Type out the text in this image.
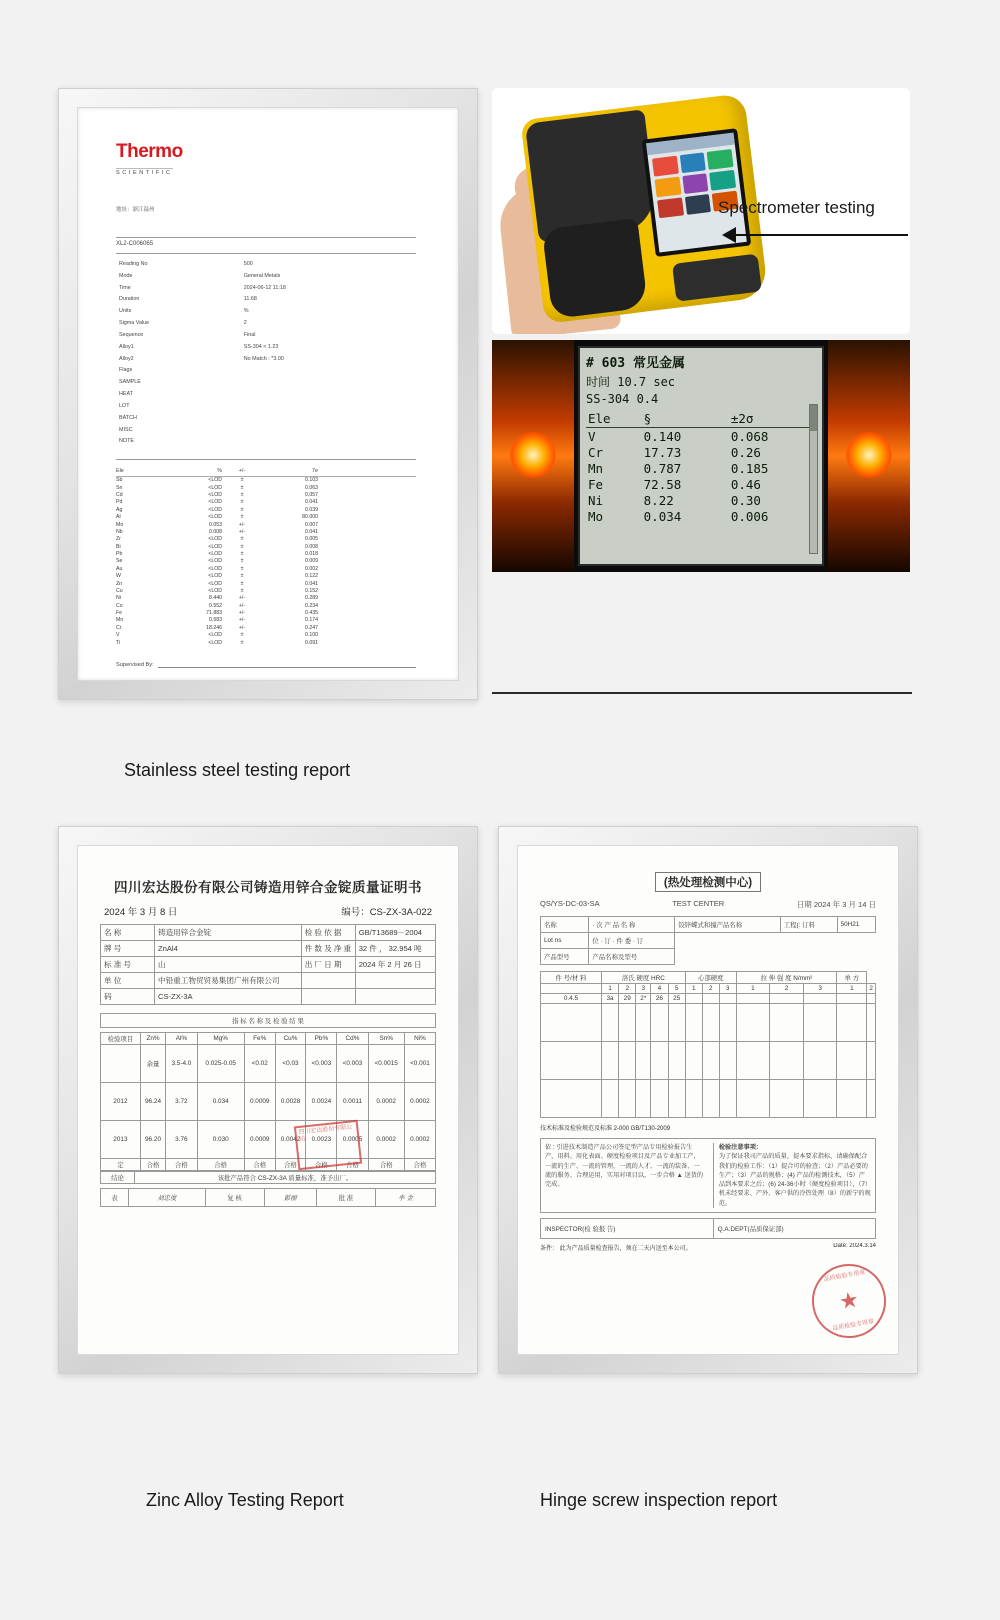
Thermo
SCIENTIFIC
地址：浙江温州
XL2-C006065
Reading No	500
Mode	General Metals
Time	2024-06-12 11:18
Duration	11.68
Units	%
Sigma Value	2
Sequence	Final
Alloy1	SS-304 < 1.23
Alloy2	No Match : *3.00
Flags	
SAMPLE	
HEAT	
LOT	
BATCH	
MISC	
NOTE	
Ele	%	+/-	7e
Sb	<LOD	±	0.103
Sn	<LOD	±	0.063
Cd	<LOD	±	0.057
Pd	<LOD	±	0.041
Ag	<LOD	±	0.039
Al	<LOD	±	80.000
Mo	0.053	+/-	0.007
Nb	0.008	+/-	0.041
Zr	<LOD	±	0.005
Bi	<LOD	±	0.008
Pb	<LOD	±	0.018
Se	<LOD	±	0.009
Au	<LOD	±	0.002
W	<LOD	±	0.122
Zn	<LOD	±	0.041
Cu	<LOD	±	0.152
Ni	8.440	+/-	0.289
Co	0.552	+/-	0.234
Fe	71.883	+/-	0.435
Mn	0.583	+/-	0.174
Cr	18.246	+/-	0.247
V	<LOD	±	0.100
Ti	<LOD	±	0.091
Supervised By:
Spectrometer testing
# 603 常见金属
时间 10.7 sec
SS-304 0.4
Ele	§	±2σ
V	0.140	0.068
Cr	17.73	0.26
Mn	0.787	0.185
Fe	72.58	0.46
Ni	8.22	0.30
Mo	0.034	0.006
Stainless steel testing report
四川宏达股份有限公司铸造用锌合金锭质量证明书
2024 年 3 月 8 日	编号：CS-ZX-3A-022
名 称	铸造用锌合金锭	检 验 依 据	GB/T13689－2004
牌 号	ZnAl4	件 数 及 净 重	32 件 ， 32.954 吨
标 准 号	山	出 厂 日 期	2024 年 2 月 26 日
单 位	中铅重工物贸贸易集团广州有限公司		
码	CS-ZX-3A		
指 标 名 称 及 检 验 结 果
检验项目	Zn%	Al%	Mg%	Fe%	Cu%	Pb%	Cd%	Sn%	Ni%
	余量	3.5-4.0	0.025-0.05	<0.02	<0.03	<0.003	<0.003	<0.0015	<0.001
2012	96.24	3.72	0.034	0.0009	0.0028	0.0024	0.0011	0.0002	0.0002
2013	96.20	3.76	0.030	0.0009	0.0042	0.0023	0.0005	0.0002	0.0002
定	合格	合格	合格	合格	合格	合格	合格	合格	合格
四川宏达股份有限公司
结论	该批产品符合 CS-ZX-3A 质量标准，准予出厂。
表	刘忠度	复 核	彭丽	批 准	李 金
(热处理检测中心)
QS/YS-DC-03-SA	TEST CENTER	日期 2024 年 3 月 14 日
名称	· 次 产 品 名 称	铰锌蝶式和撞产品名称	工程(: 订料	50H21
Lot ns	位 · 订 · 件 委 · 订			
产品型号	产品名称及型号			
件 号/材 料	洛氏 硬度 HRC					心部硬度			拉 伸 强 度 N/mm²			单 方	
	1	2	3	4	5	1	2	3	1	2	3	1	2
0.4.5	3a	29	2*	26	25								

技术标准及检验规范及标准 2-000 GB/T130-2009
依 : 引进技术制造产品公司签定型产品专用检验报告生产，用料、用化表面、硬度检验项目及产品专业加工产，一流的生产、一流的管理，一流的人才、一流的装备、一流的服务、合理运用，实用对项目以，一步合格 ▲ 送货的完成。
检验注意事项：
为了保证我司产品的质量，提本要求指标，请确保配合我们的检验工作：（1）提合可的验查；（2）产品必要的生产；（3）产品的规格；(4) 产品的检测技术，（5）产品到本要求之后；(6) 24-36小时（硬度检验项目），（7）机未经要求、产外、客户供的冷热处理（8）的新宁的规范。
INSPECTOR(检 验报 告)	Q.A.DEPT(品质保证部)
条件： 此为产品质量检查报告，须在二天内送至本公司。	Date: 2024.3.14
品质检验专用章
★
品质检验专用章
Zinc Alloy Testing Report	Hinge screw inspection report
